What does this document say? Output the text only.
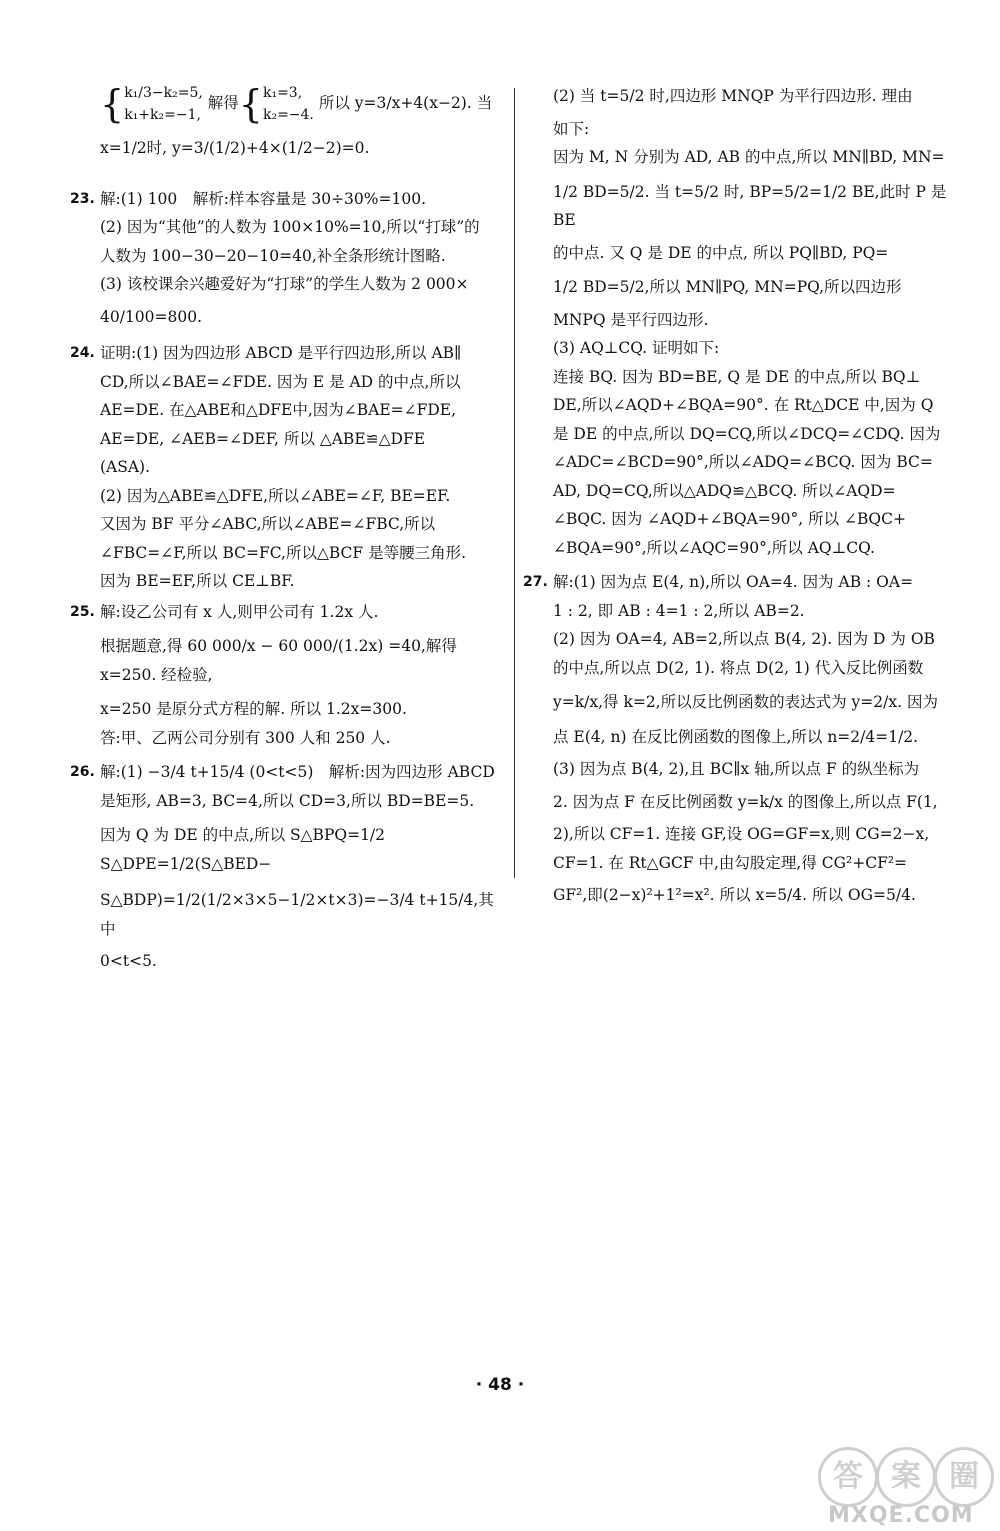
{ k₁/3−k₂=5,
k₁+k₂=−1,
解得{ k₁=3,
k₂=−4.
所以 y=3/x+4(x−2). 当

x=1/2时, y=3/(1/2)+4×(1/2−2)=0.

23. 解:(1) 100　解析:样本容量是 30÷30%=100.

(2) 因为“其他”的人数为 100×10%=10,所以“打球”的

人数为 100−30−20−10=40,补全条形统计图略.

(3) 该校课余兴趣爱好为“打球”的学生人数为 2 000×

40/100=800.

24. 证明:(1) 因为四边形 ABCD 是平行四边形,所以 AB∥

CD,所以∠BAE=∠FDE. 因为 E 是 AD 的中点,所以

AE=DE. 在△ABE和△DFE中,因为∠BAE=∠FDE,

AE=DE, ∠AEB=∠DEF, 所以 △ABE≌△DFE

(ASA).

(2) 因为△ABE≌△DFE,所以∠ABE=∠F, BE=EF.

又因为 BF 平分∠ABC,所以∠ABE=∠FBC,所以

∠FBC=∠F,所以 BC=FC,所以△BCF 是等腰三角形.

因为 BE=EF,所以 CE⊥BF.

25. 解:设乙公司有 x 人,则甲公司有 1.2x 人.

根据题意,得 60 000/x − 60 000/(1.2x) =40,解得 x=250. 经检验,

x=250 是原分式方程的解. 所以 1.2x=300.

答:甲、乙两公司分别有 300 人和 250 人.

26. 解:(1) −3/4 t+15/4 (0<t<5)　解析:因为四边形 ABCD

是矩形, AB=3, BC=4,所以 CD=3,所以 BD=BE=5.

因为 Q 为 DE 的中点,所以 S△BPQ=1/2 S△DPE=1/2(S△BED−

S△BDP)=1/2(1/2×3×5−1/2×t×3)=−3/4 t+15/4,其中

0<t<5.

(2) 当 t=5/2 时,四边形 MNQP 为平行四边形. 理由

如下:

因为 M, N 分别为 AD, AB 的中点,所以 MN∥BD, MN=

1/2 BD=5/2. 当 t=5/2 时, BP=5/2=1/2 BE,此时 P 是 BE

的中点. 又 Q 是 DE 的中点, 所以 PQ∥BD, PQ=

1/2 BD=5/2,所以 MN∥PQ, MN=PQ,所以四边形

MNPQ 是平行四边形.

(3) AQ⊥CQ. 证明如下:

连接 BQ. 因为 BD=BE, Q 是 DE 的中点,所以 BQ⊥

DE,所以∠AQD+∠BQA=90°. 在 Rt△DCE 中,因为 Q

是 DE 的中点,所以 DQ=CQ,所以∠DCQ=∠CDQ. 因为

∠ADC=∠BCD=90°,所以∠ADQ=∠BCQ. 因为 BC=

AD, DQ=CQ,所以△ADQ≌△BCQ. 所以∠AQD=

∠BQC. 因为 ∠AQD+∠BQA=90°, 所以 ∠BQC+

∠BQA=90°,所以∠AQC=90°,所以 AQ⊥CQ.

27. 解:(1) 因为点 E(4, n),所以 OA=4. 因为 AB : OA=

1 : 2, 即 AB : 4=1 : 2,所以 AB=2.

(2) 因为 OA=4, AB=2,所以点 B(4, 2). 因为 D 为 OB

的中点,所以点 D(2, 1). 将点 D(2, 1) 代入反比例函数

y=k/x,得 k=2,所以反比例函数的表达式为 y=2/x. 因为

点 E(4, n) 在反比例函数的图像上,所以 n=2/4=1/2.

(3) 因为点 B(4, 2),且 BC∥x 轴,所以点 F 的纵坐标为

2. 因为点 F 在反比例函数 y=k/x 的图像上,所以点 F(1,

2),所以 CF=1. 连接 GF,设 OG=GF=x,则 CG=2−x,

CF=1. 在 Rt△GCF 中,由勾股定理,得 CG²+CF²=

GF²,即(2−x)²+1²=x². 所以 x=5/4. 所以 OG=5/4.

· 48 ·
答 案 圈
MXQE.COM
